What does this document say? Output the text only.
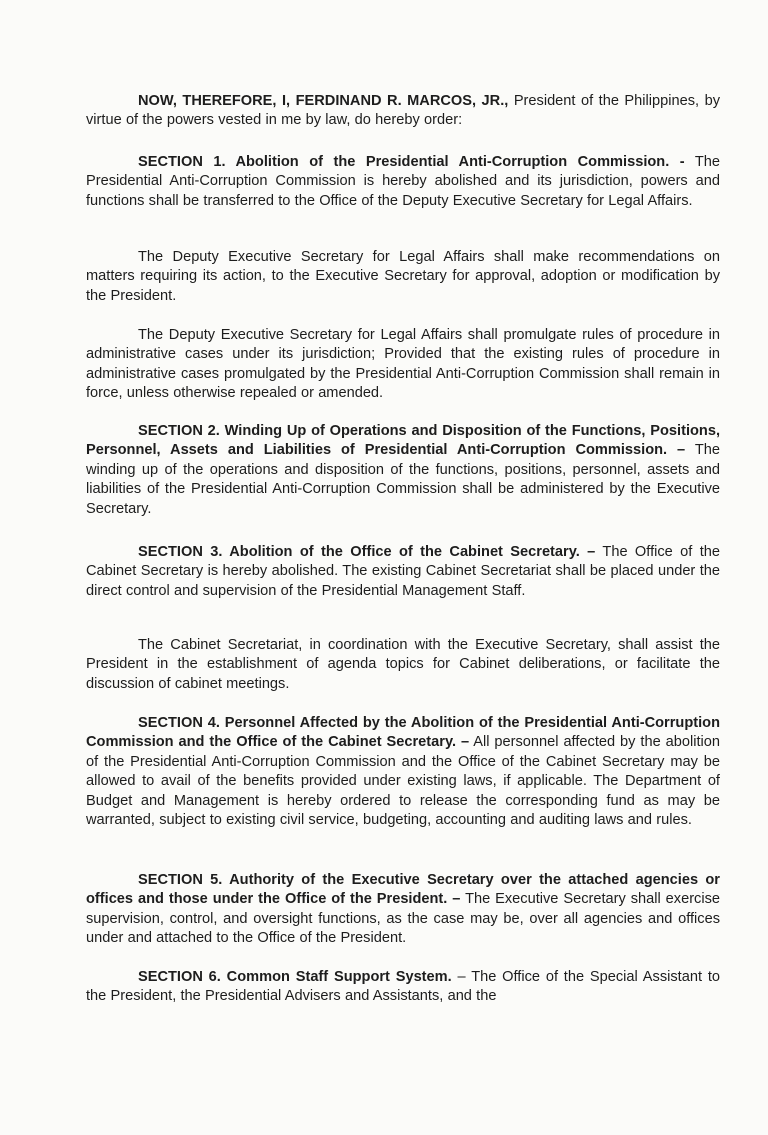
NOW, THEREFORE, I, FERDINAND R. MARCOS, JR., President of the Philippines, by virtue of the powers vested in me by law, do hereby order:

SECTION 1. Abolition of the Presidential Anti-Corruption Commission. - The Presidential Anti-Corruption Commission is hereby abolished and its jurisdiction, powers and functions shall be transferred to the Office of the Deputy Executive Secretary for Legal Affairs.

The Deputy Executive Secretary for Legal Affairs shall make recommendations on matters requiring its action, to the Executive Secretary for approval, adoption or modification by the President.

The Deputy Executive Secretary for Legal Affairs shall promulgate rules of procedure in administrative cases under its jurisdiction; Provided that the existing rules of procedure in administrative cases promulgated by the Presidential Anti-Corruption Commission shall remain in force, unless otherwise repealed or amended.

SECTION 2. Winding Up of Operations and Disposition of the Functions, Positions, Personnel, Assets and Liabilities of Presidential Anti-Corruption Commission. – The winding up of the operations and disposition of the functions, positions, personnel, assets and liabilities of the Presidential Anti-Corruption Commission shall be administered by the Executive Secretary.

SECTION 3. Abolition of the Office of the Cabinet Secretary. – The Office of the Cabinet Secretary is hereby abolished. The existing Cabinet Secretariat shall be placed under the direct control and supervision of the Presidential Management Staff.

The Cabinet Secretariat, in coordination with the Executive Secretary, shall assist the President in the establishment of agenda topics for Cabinet deliberations, or facilitate the discussion of cabinet meetings.

SECTION 4. Personnel Affected by the Abolition of the Presidential Anti-Corruption Commission and the Office of the Cabinet Secretary. – All personnel affected by the abolition of the Presidential Anti-Corruption Commission and the Office of the Cabinet Secretary may be allowed to avail of the benefits provided under existing laws, if applicable. The Department of Budget and Management is hereby ordered to release the corresponding fund as may be warranted, subject to existing civil service, budgeting, accounting and auditing laws and rules.

SECTION 5. Authority of the Executive Secretary over the attached agencies or offices and those under the Office of the President. – The Executive Secretary shall exercise supervision, control, and oversight functions, as the case may be, over all agencies and offices under and attached to the Office of the President.

SECTION 6. Common Staff Support System. – The Office of the Special Assistant to the President, the Presidential Advisers and Assistants, and the
